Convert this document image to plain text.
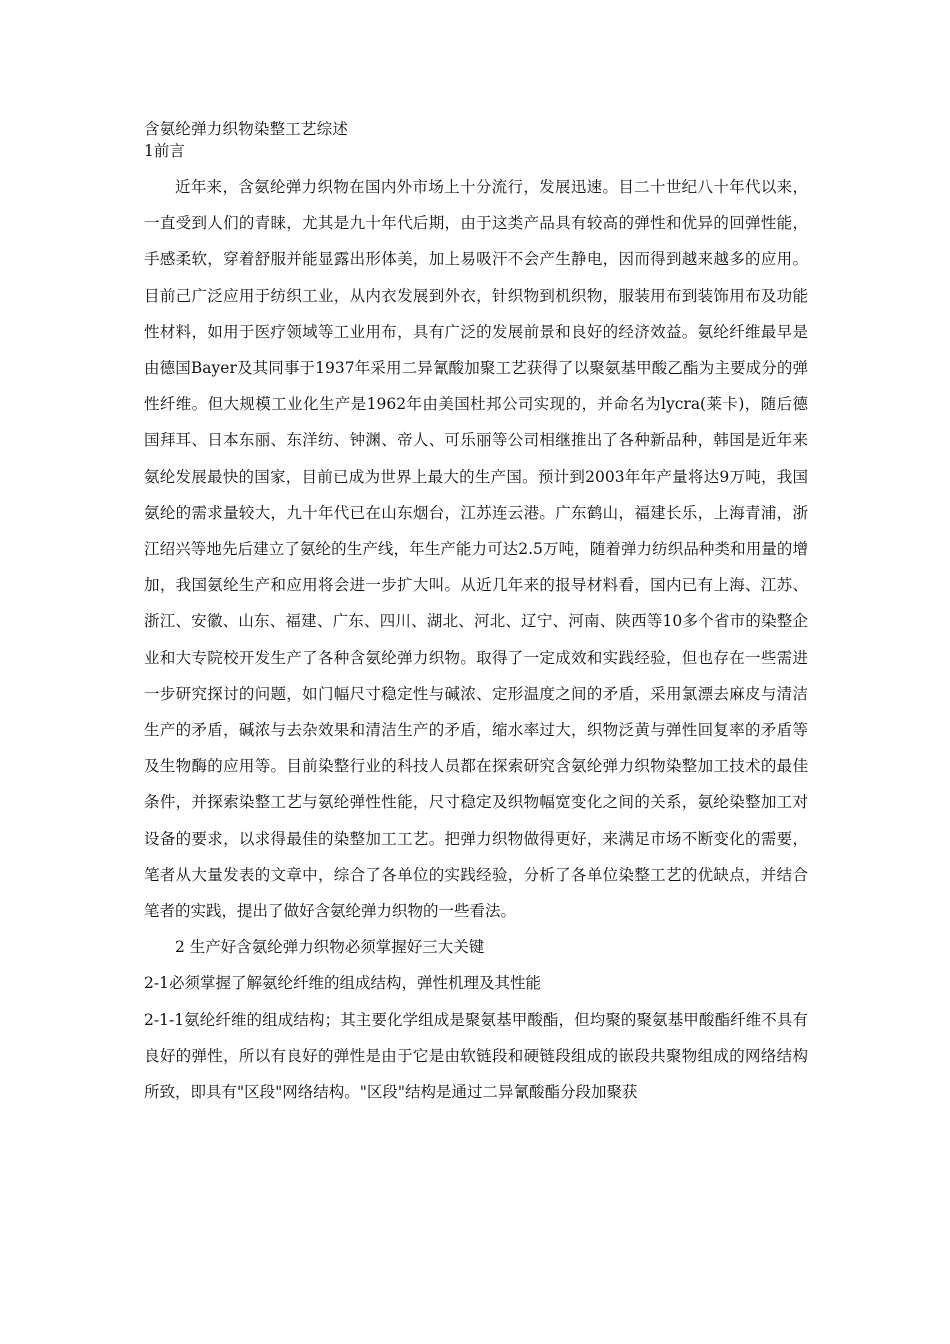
含氨纶弹力织物染整工艺综述

1前言

近年来，含氨纶弹力织物在国内外市场上十分流行，发展迅速。目二十世纪八十年代以来，一直受到人们的青睐，尤其是九十年代后期，由于这类产品具有较高的弹性和优异的回弹性能，手感柔软，穿着舒服并能显露出形体美，加上易吸汗不会产生静电，因而得到越来越多的应用。目前己广泛应用于纺织工业，从内衣发展到外衣，针织物到机织物，服装用布到装饰用布及功能性材料，如用于医疗领域等工业用布，具有广泛的发展前景和良好的经济效益。氨纶纤维最早是由德国Bayer及其同事于1937年采用二异氰酸加聚工艺获得了以聚氨基甲酸乙酯为主要成分的弹性纤维。但大规模工业化生产是1962年由美国杜邦公司实现的，并命名为lycra(莱卡)，随后德国拜耳、日本东丽、东洋纺、钟渊、帝人、可乐丽等公司相继推出了各种新品种，韩国是近年来氨纶发展最快的国家，目前已成为世界上最大的生产国。预计到2003年年产量将达9万吨，我国氨纶的需求量较大，九十年代已在山东烟台，江苏连云港。广东鹤山，福建长乐，上海青浦，浙江绍兴等地先后建立了氨纶的生产线，年生产能力可达2.5万吨，随着弹力纺织品种类和用量的增加，我国氨纶生产和应用将会进一步扩大叫。从近几年来的报导材料看，国内已有上海、江苏、浙江、安徽、山东、福建、广东、四川、湖北、河北、辽宁、河南、陕西等10多个省市的染整企业和大专院校开发生产了各种含氨纶弹力织物。取得了一定成效和实践经验，但也存在一些需进一步研究探讨的问题，如门幅尺寸稳定性与碱浓、定形温度之间的矛盾，采用氯漂去麻皮与清洁生产的矛盾，碱浓与去杂效果和清洁生产的矛盾，缩水率过大，织物泛黄与弹性回复率的矛盾等及生物酶的应用等。目前染整行业的科技人员都在探索研究含氨纶弹力织物染整加工技术的最佳条件，并探索染整工艺与氨纶弹性性能，尺寸稳定及织物幅宽变化之间的关系，氨纶染整加工对设备的要求，以求得最佳的染整加工工艺。把弹力织物做得更好，来满足市场不断变化的需要，笔者从大量发表的文章中，综合了各单位的实践经验，分析了各单位染整工艺的优缺点，并结合笔者的实践，提出了做好含氨纶弹力织物的一些看法。

2 生产好含氨纶弹力织物必须掌握好三大关键

2-1必须掌握了解氨纶纤维的组成结构，弹性机理及其性能

2-1-1氨纶纤维的组成结构；其主要化学组成是聚氨基甲酸酯，但均聚的聚氨基甲酸酯纤维不具有良好的弹性，所以有良好的弹性是由于它是由软链段和硬链段组成的嵌段共聚物组成的网络结构所致，即具有"区段"网络结构。"区段"结构是通过二异氰酸酯分段加聚获
